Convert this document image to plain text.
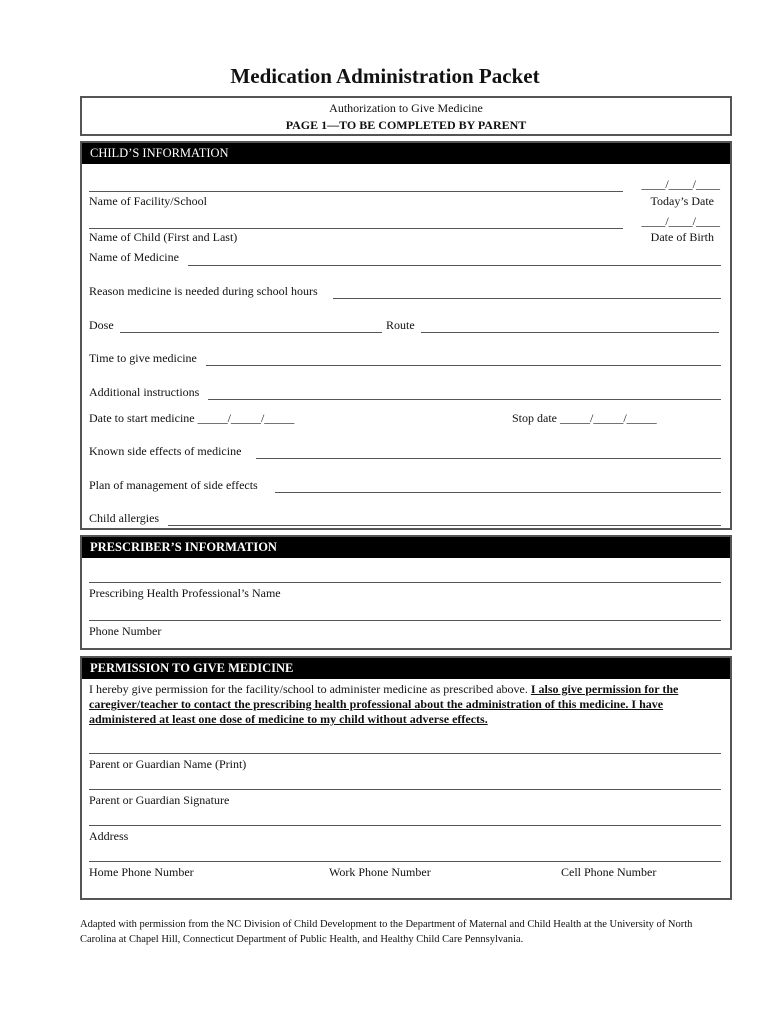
Medication Administration Packet
Authorization to Give Medicine
PAGE 1—TO BE COMPLETED BY PARENT
CHILD’S INFORMATION
____/____/____
Name of Facility/School	Today’s Date
____/____/____
Name of Child (First and Last)	Date of Birth
Name of Medicine
Reason medicine is needed during school hours
Dose	Route
Time to give medicine
Additional instructions
Date to start medicine _____/_____/_____	Stop date _____/_____/_____
Known side effects of medicine
Plan of management of side effects
Child allergies
PRESCRIBER’S INFORMATION
Prescribing Health Professional’s Name
Phone Number
PERMISSION TO GIVE MEDICINE
I hereby give permission for the facility/school to administer medicine as prescribed above. I also give permission for the caregiver/teacher to contact the prescribing health professional about the administration of this medicine. I have administered at least one dose of medicine to my child without adverse effects.
Parent or Guardian Name (Print)
Parent or Guardian Signature
Address
Home Phone Number	Work Phone Number	Cell Phone Number
Adapted with permission from the NC Division of Child Development to the Department of Maternal and Child Health at the University of North Carolina at Chapel Hill, Connecticut Department of Public Health, and Healthy Child Care Pennsylvania.
